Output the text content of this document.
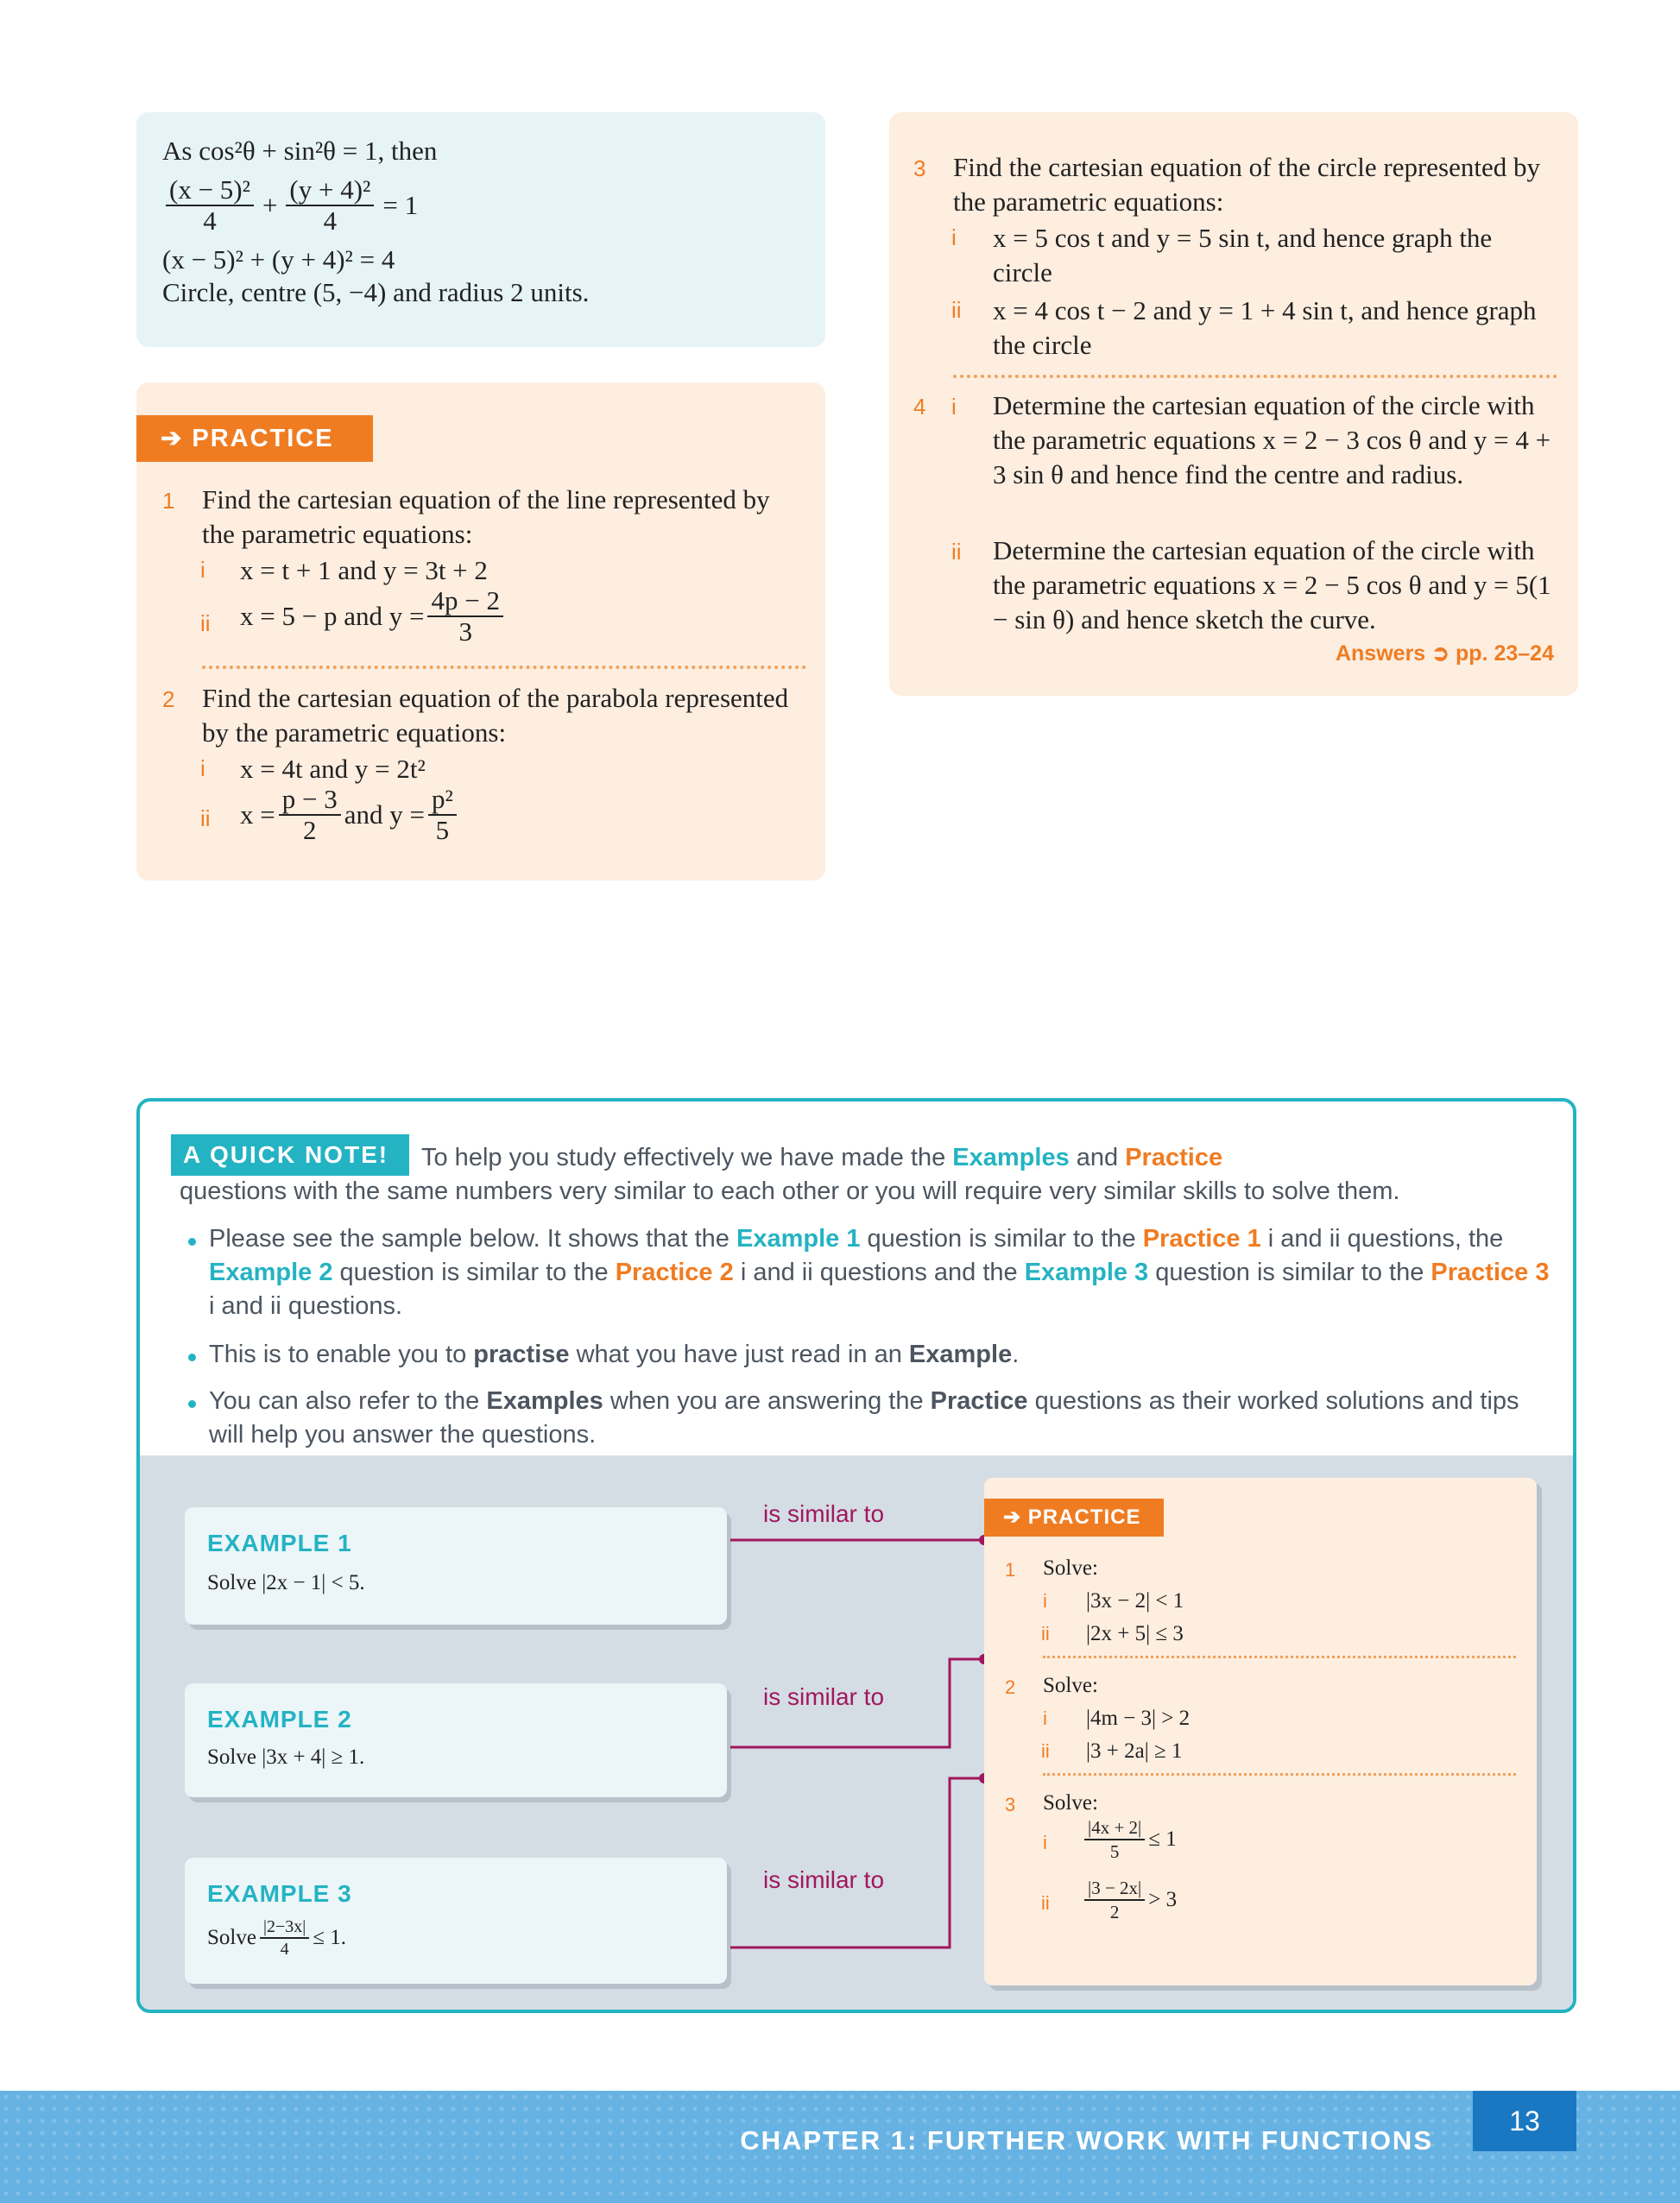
As cos²θ + sin²θ = 1, then
$\frac{\text{(x − 5)²}}{4} + \frac{\text{(y + 4)²}}{4} = 1$
(x − 5)² + (y + 4)² = 4
Circle, centre (5, −4) and radius 2 units.
➔ PRACTICE
1 Find the cartesian equation of the line represented by the parametric equations:
i x = t + 1 and y = 3t + 2
ii x = 5 − p and $y = \frac{4p - 2}{3}$
2 Find the cartesian equation of the parabola represented by the parametric equations:
i x = 4t and y = 2t²
ii $x = \frac{p - 3}{2}$ and $y = \frac{\text{p²}}{5}$
3 Find the cartesian equation of the circle represented by the parametric equations:
i x = 5 cos t and y = 5 sin t, and hence graph the circle
ii x = 4 cos t − 2 and y = 1 + 4 sin t, and hence graph the circle
4 i Determine the cartesian equation of the circle with the parametric equations x = 2 − 3 cos θ and y = 4 + 3 sin θ and hence find the centre and radius.
ii Determine the cartesian equation of the circle with the parametric equations x = 2 − 5 cos θ and y = 5(1 − sin θ) and hence sketch the curve.
Answers ➲ pp. 23–24
A QUICK NOTE!	To help you study effectively we have made the Examples and Practice
questions with the same numbers very similar to each other or you will require very similar skills to solve them.
Please see the sample below. It shows that the Example 1 question is similar to the Practice 1 i and ii questions, the Example 2 question is similar to the Practice 2 i and ii questions and the Example 3 question is similar to the Practice 3 i and ii questions.
This is to enable you to practise what you have just read in an Example.
You can also refer to the Examples when you are answering the Practice questions as their worked solutions and tips will help you answer the questions.
EXAMPLE 1
Solve |2x − 1| < 5.
EXAMPLE 2
Solve |3x + 4| ≥ 1.
EXAMPLE 3
Solve $\frac{|2-3x|}{4} \le 1$.
is similar to
is similar to
is similar to
➔ PRACTICE
1 Solve:
i |3x − 2| < 1
ii |2x + 5| ≤ 3
2 Solve:
i |4m − 3| > 2
ii |3 + 2a| ≥ 1
3 Solve:
i $\frac{|4x + 2|}{5} \le 1$
ii $\frac{|3 - 2x|}{2} > 3$
CHAPTER 1: FURTHER WORK WITH FUNCTIONS
13
